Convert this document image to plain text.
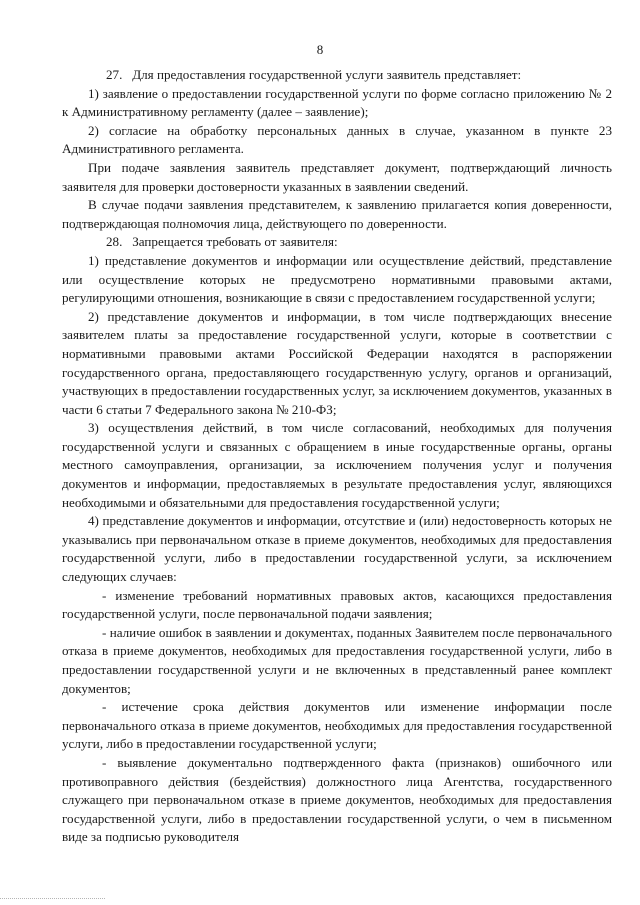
8

27.   Для предоставления государственной услуги заявитель представляет:

1) заявление о предоставлении государственной услуги по форме согласно приложению № 2 к Административному регламенту (далее – заявление);

2) согласие на обработку персональных данных в случае, указанном в пункте 23 Административного регламента.

При подаче заявления заявитель представляет документ, подтверждающий личность заявителя для проверки достоверности указанных в заявлении сведений.

В случае подачи заявления представителем, к заявлению прилагается копия доверенности, подтверждающая полномочия лица, действующего по доверенности.

28.   Запрещается требовать от заявителя:

1) представление документов и информации или осуществление действий, представление или осуществление которых не предусмотрено нормативными правовыми актами, регулирующими отношения, возникающие в связи с предоставлением государственной услуги;

2) представление документов и информации, в том числе подтверждающих внесение заявителем платы за предоставление государственной услуги, которые в соответствии с нормативными правовыми актами Российской Федерации находятся в распоряжении государственного органа, предоставляющего государственную услугу, органов и организаций, участвующих в предоставлении государственных услуг, за исключением документов, указанных в части 6 статьи 7 Федерального закона № 210-ФЗ;

3) осуществления действий, в том числе согласований, необходимых для получения государственной услуги и связанных с обращением в иные государственные органы, органы местного самоуправления, организации, за исключением получения услуг и получения документов и информации, предоставляемых в результате предоставления услуг, являющихся необходимыми и обязательными для предоставления государственной услуги;

4) представление документов и информации, отсутствие и (или) недостоверность которых не указывались при первоначальном отказе в приеме документов, необходимых для предоставления государственной услуги, либо в предоставлении государственной услуги, за исключением следующих случаев:

- изменение требований нормативных правовых актов, касающихся предоставления государственной услуги, после первоначальной подачи заявления;

- наличие ошибок в заявлении и документах, поданных Заявителем после первоначального отказа в приеме документов, необходимых для предоставления государственной услуги, либо в предоставлении государственной услуги и не включенных в представленный ранее комплект документов;

- истечение срока действия документов или изменение информации после первоначального отказа в приеме документов, необходимых для предоставления государственной услуги, либо в предоставлении государственной услуги;

- выявление документально подтвержденного факта (признаков) ошибочного или противоправного действия (бездействия) должностного лица Агентства, государственного служащего при первоначальном отказе в приеме документов, необходимых для предоставления государственной услуги, либо в предоставлении государственной услуги, о чем в письменном виде за подписью руководителя
